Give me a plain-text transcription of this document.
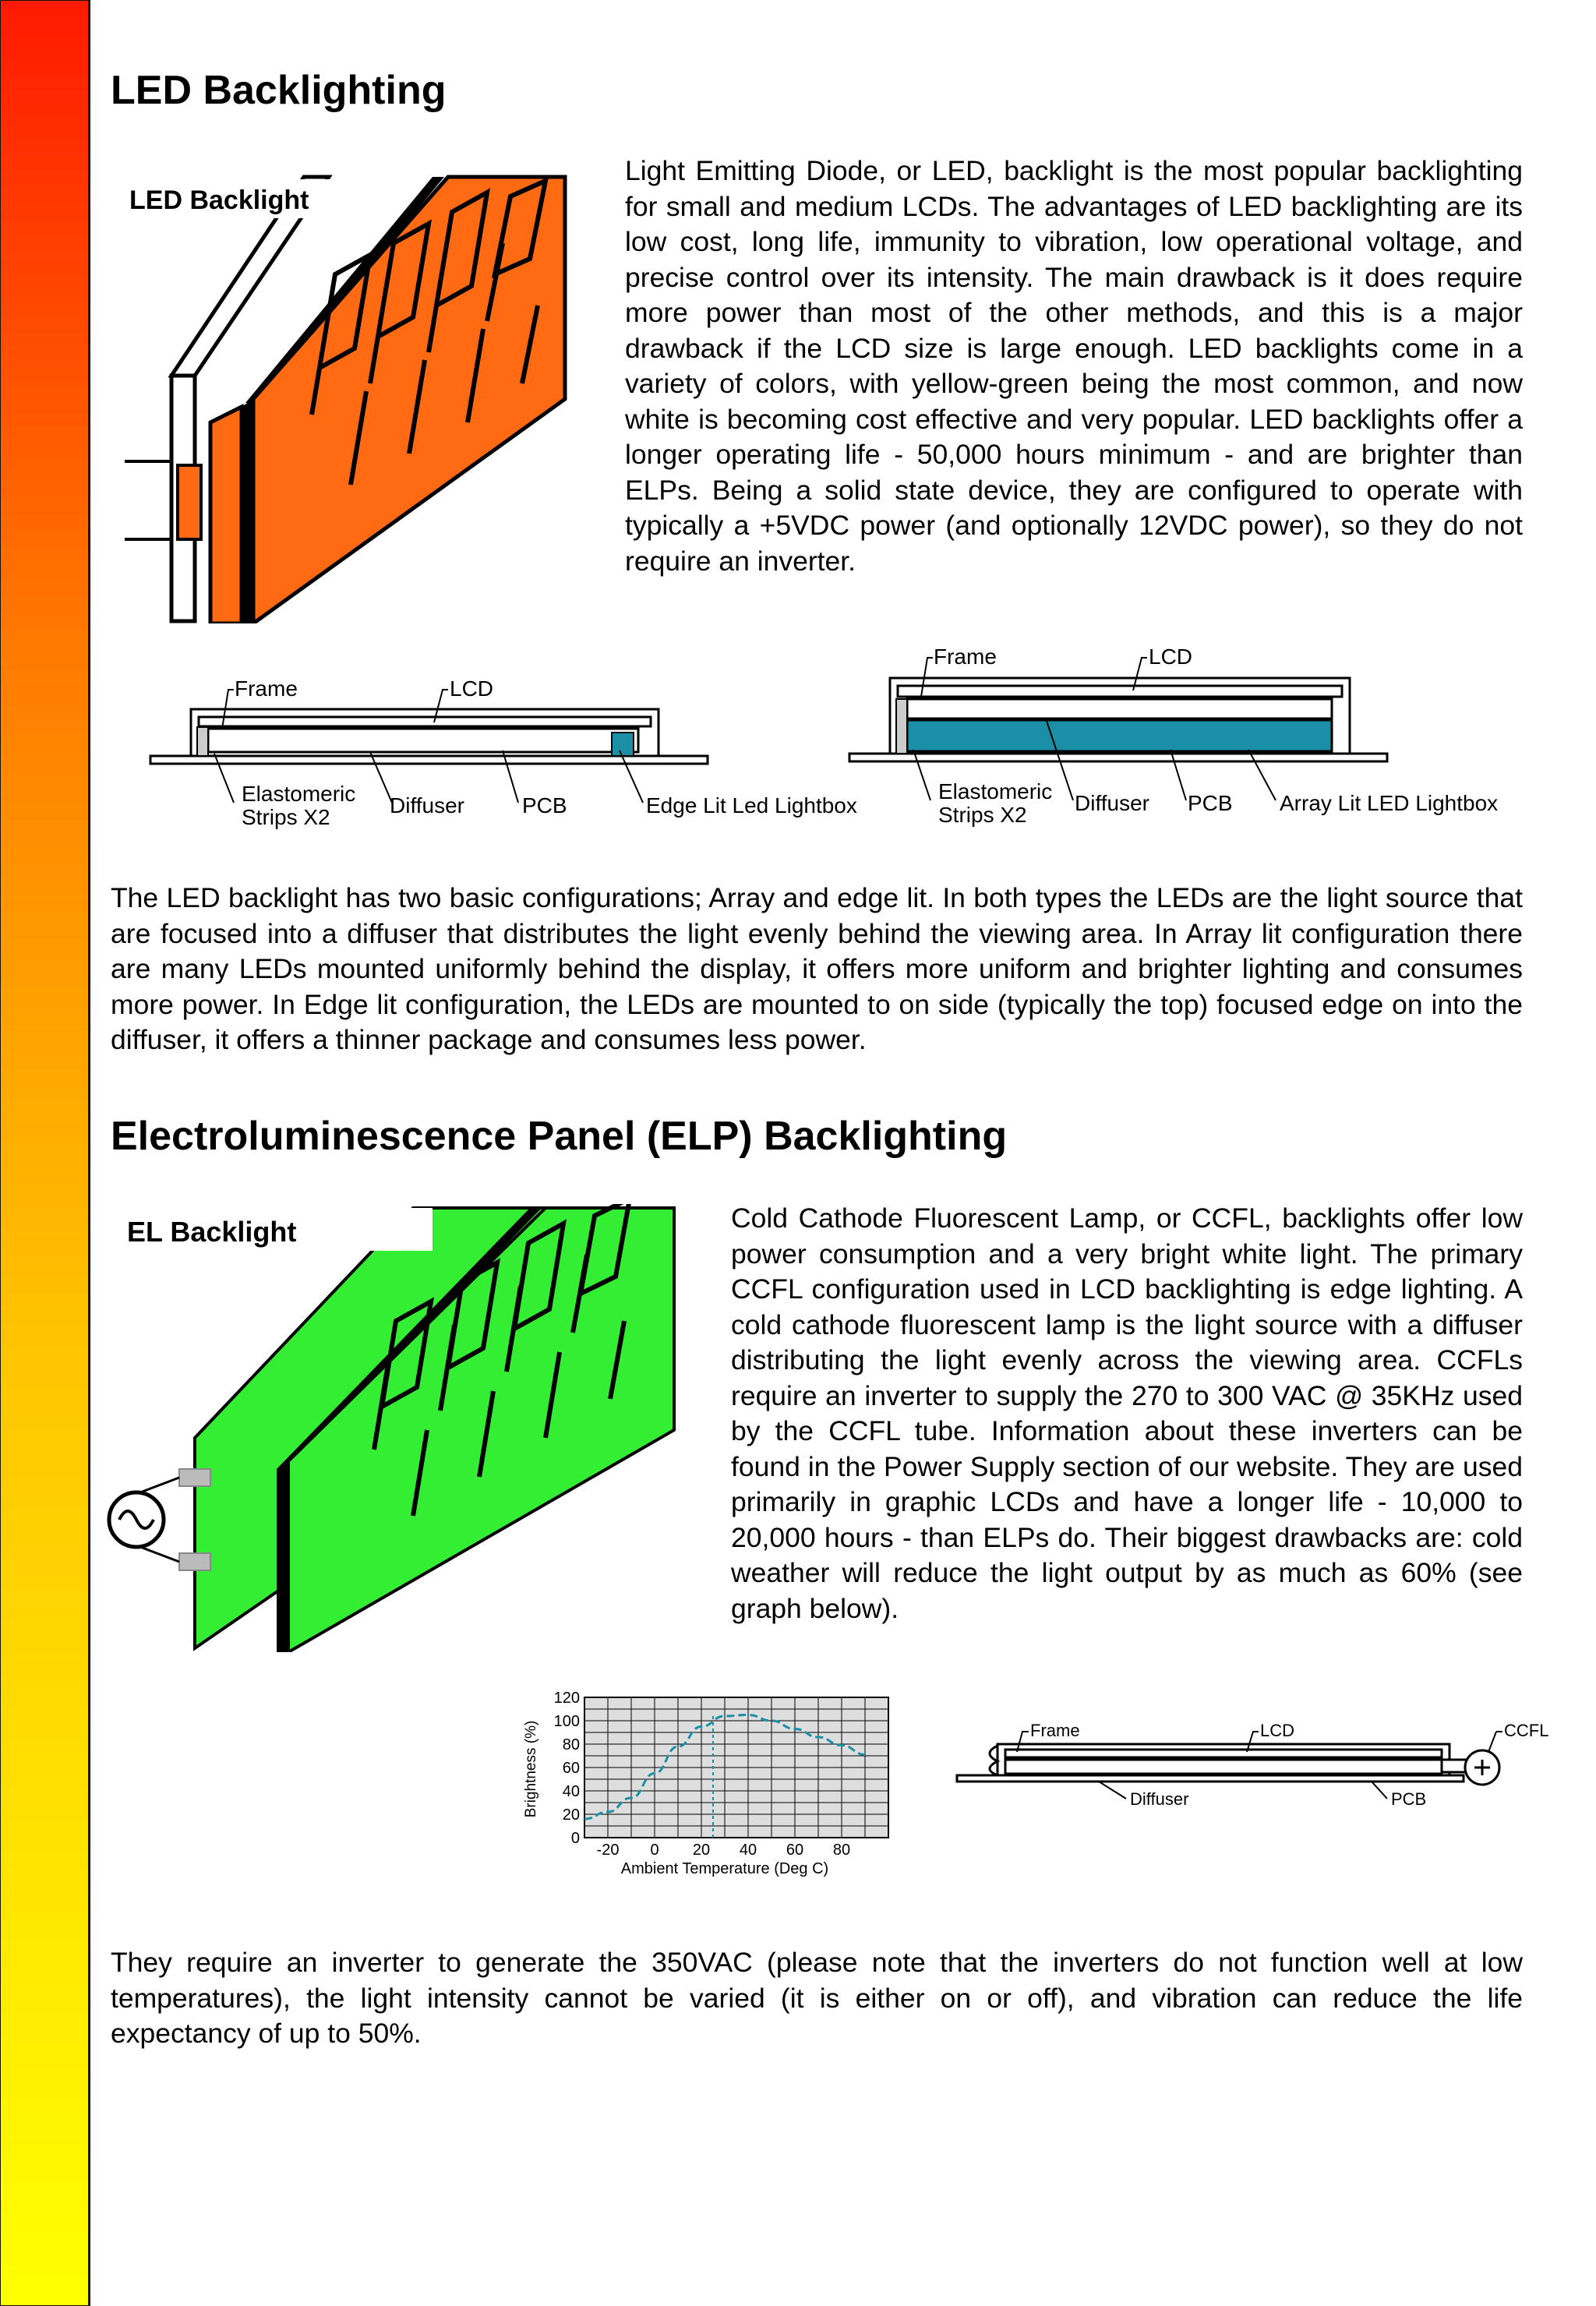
LED Backlighting
LED Backlight

Light Emitting Diode, or LED, backlight is the most popular backlighting for small and medium LCDs. The advantages of LED backlighting are its low cost, long life, immunity to vibration, low operational voltage, and precise control over its intensity. The main drawback is it does require more power than most of the other methods, and this is a major drawback if the LCD size is large enough. LED backlights come in a variety of colors, with yellow-green being the most common, and now white is becoming cost effective and very popular. LED backlights offer a longer operating life - 50,000 hours minimum - and are brighter than ELPs. Being a solid state device, they are configured to operate with typically a +5VDC power (and optionally 12VDC power), so they do not require an inverter.

Frame	LCD
Elastomeric
Strips X2	Diffuser	PCB	Edge Lit Led Lightbox
Frame	LCD
Elastomeric
Strips X2 Diffuser PCB Array Lit LED Lightbox

The LED backlight has two basic configurations; Array and edge lit. In both types the LEDs are the light source that are focused into a diffuser that distributes the light evenly behind the viewing area. In Array lit configuration there are many LEDs mounted uniformly behind the display, it offers more uniform and brighter lighting and consumes more power. In Edge lit configuration, the LEDs are mounted to on side (typically the top) focused edge on into the diffuser, it offers a thinner package and consumes less power.

Electroluminescence Panel (ELP) Backlighting
EL Backlight	Cold Cathode Fluorescent Lamp, or CCFL, backlights offer low power consumption and a very bright white light. The primary CCFL configuration used in LCD backlighting is edge lighting. A cold cathode fluorescent lamp is the light source with a diffuser distributing the light evenly across the viewing area. CCFLs require an inverter to supply the 270 to 300 VAC @ 35KHz used by the CCFL tube. Information about these inverters can be found in the Power Supply section of our website. They are used primarily in graphic LCDs and have a longer life - 10,000 to 20,000 hours - than ELPs do. Their biggest drawbacks are: cold weather will reduce the light output by as much as 60% (see graph below).

-20 0 20 40 60 80
0
20
40
60
80
100
120
Ambient Temperature (Deg C)
Brightness (%)	Frame	LCD	CCFL
Diffuser	PCB

They require an inverter to generate the 350VAC (please note that the inverters do not function well at low temperatures), the light intensity cannot be varied (it is either on or off), and vibration can reduce the life expectancy of up to 50%.
